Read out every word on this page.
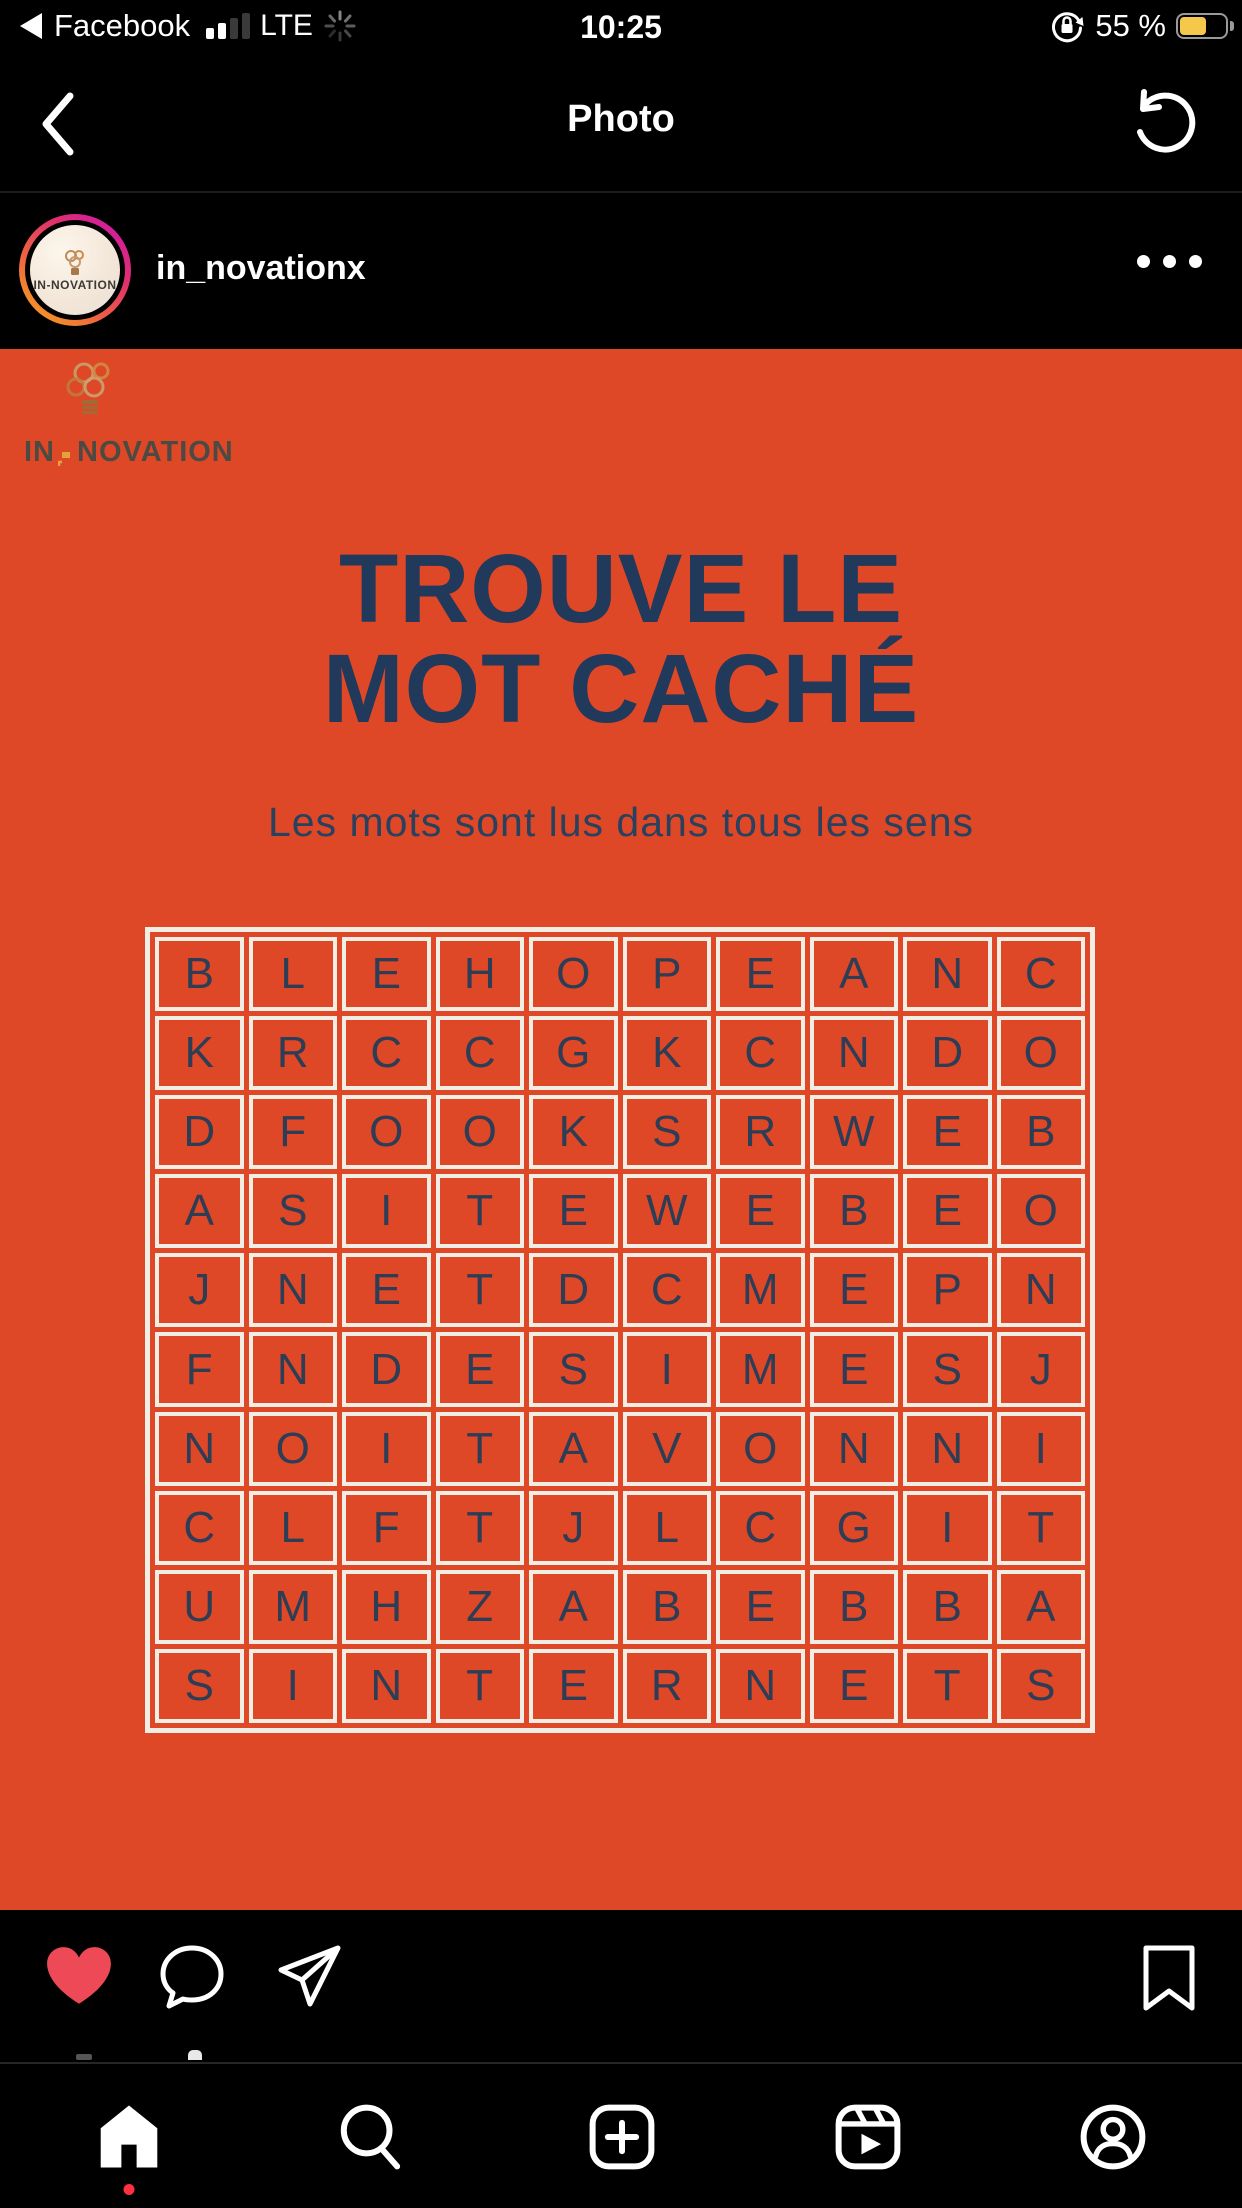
Facebook LTE	10:25	55 %
Photo
IN-NOVATION in_novationx
IN NOVATION
TROUVE LE
MOT CACHÉ
Les mots sont lus dans tous les sens
B	L	E	H	O	P	E	A	N	C
K	R	C	C	G	K	C	N	D	O
D	F	O	O	K	S	R	W	E	B
A	S	I	T	E	W	E	B	E	O
J	N	E	T	D	C	M	E	P	N
F	N	D	E	S	I	M	E	S	J
N	O	I	T	A	V	O	N	N	I
C	L	F	T	J	L	C	G	I	T
U	M	H	Z	A	B	E	B	B	A
S	I	N	T	E	R	N	E	T	S
